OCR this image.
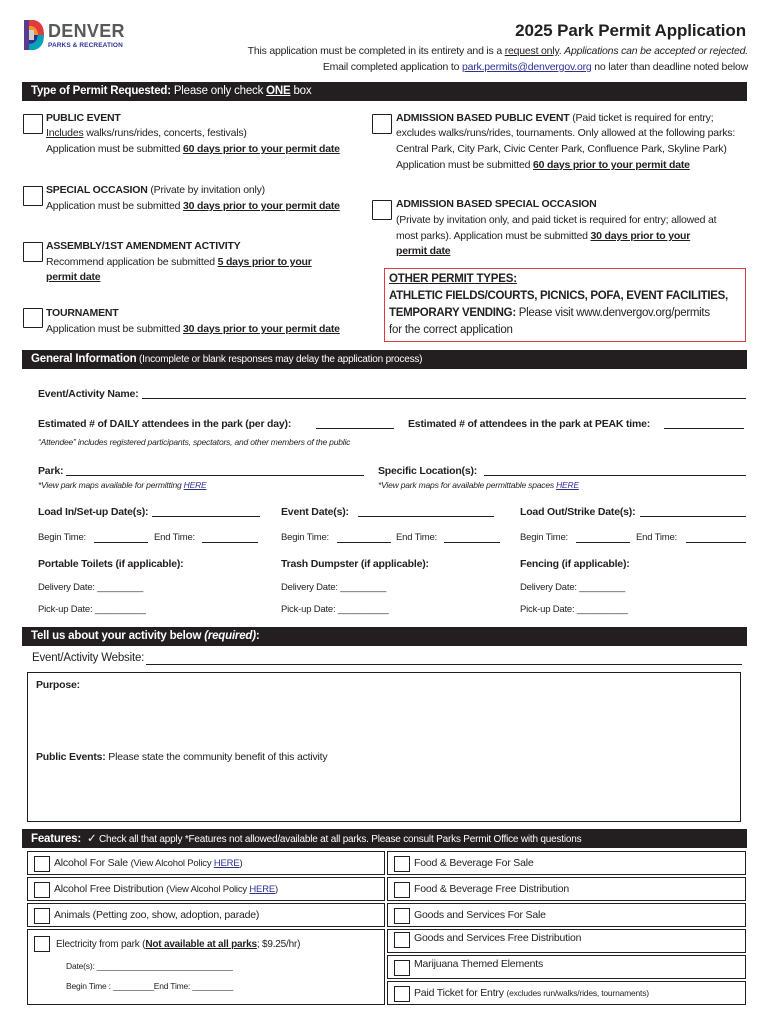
DENVER
PARKS & RECREATION
2025 Park Permit Application
This application must be completed in its entirety and is a request only. Applications can be accepted or rejected.
Email completed application to park.permits@denvergov.org no later than deadline noted below
Type of Permit Requested: Please only check ONE box
PUBLIC EVENT
Includes walks/runs/rides, concerts, festivals)
Application must be submitted 60 days prior to your permit date
SPECIAL OCCASION (Private by invitation only)
Application must be submitted 30 days prior to your permit date
ASSEMBLY/1ST AMENDMENT ACTIVITY
Recommend application be submitted 5 days prior to your
permit date
TOURNAMENT
Application must be submitted 30 days prior to your permit date
ADMISSION BASED PUBLIC EVENT (Paid ticket is required for entry;
excludes walks/runs/rides, tournaments. Only allowed at the following parks:
Central Park, City Park, Civic Center Park, Confluence Park, Skyline Park)
Application must be submitted 60 days prior to your permit date
ADMISSION BASED SPECIAL OCCASION
(Private by invitation only, and paid ticket is required for entry; allowed at
most parks). Application must be submitted 30 days prior to your
permit date
OTHER PERMIT TYPES:
ATHLETIC FIELDS/COURTS, PICNICS, POFA, EVENT FACILITIES,
TEMPORARY VENDING: Please visit www.denvergov.org/permits
for the correct application
General Information (Incomplete or blank responses may delay the application process)
Event/Activity Name:
Estimated # of DAILY attendees in the park (per day):	Estimated # of attendees in the park at PEAK time:
“Attendee” includes registered participants, spectators, and other members of the public
Park:
*View park maps available for permitting HERE
Specific Location(s):
*View park maps for available permittable spaces HERE
Load In/Set-up Date(s):	Event Date(s):	Load Out/Strike Date(s):
Begin Time:	End Time:	Begin Time:	End Time:	Begin Time:	End Time:
Portable Toilets (if applicable):	Trash Dumpster (if applicable):	Fencing (if applicable):
Delivery Date: _________	Delivery Date: _________	Delivery Date: _________
Pick-up Date: __________	Pick-up Date: __________	Pick-up Date: __________
Tell us about your activity below (required):
Event/Activity Website:
Purpose:
Public Events: Please state the community benefit of this activity
Features: ✓ Check all that apply *Features not allowed/available at all parks. Please consult Parks Permit Office with questions
Alcohol For Sale (View Alcohol Policy HERE)
Alcohol Free Distribution (View Alcohol Policy HERE)
Animals (Petting zoo, show, adoption, parade)
Electricity from park (Not available at all parks; $9.25/hr)
Date(s): ______________________________
Begin Time : _________End Time: _________
Food & Beverage For Sale
Food & Beverage Free Distribution
Goods and Services For Sale
Goods and Services Free Distribution
Marijuana Themed Elements
Paid Ticket for Entry (excludes run/walks/rides, tournaments)
